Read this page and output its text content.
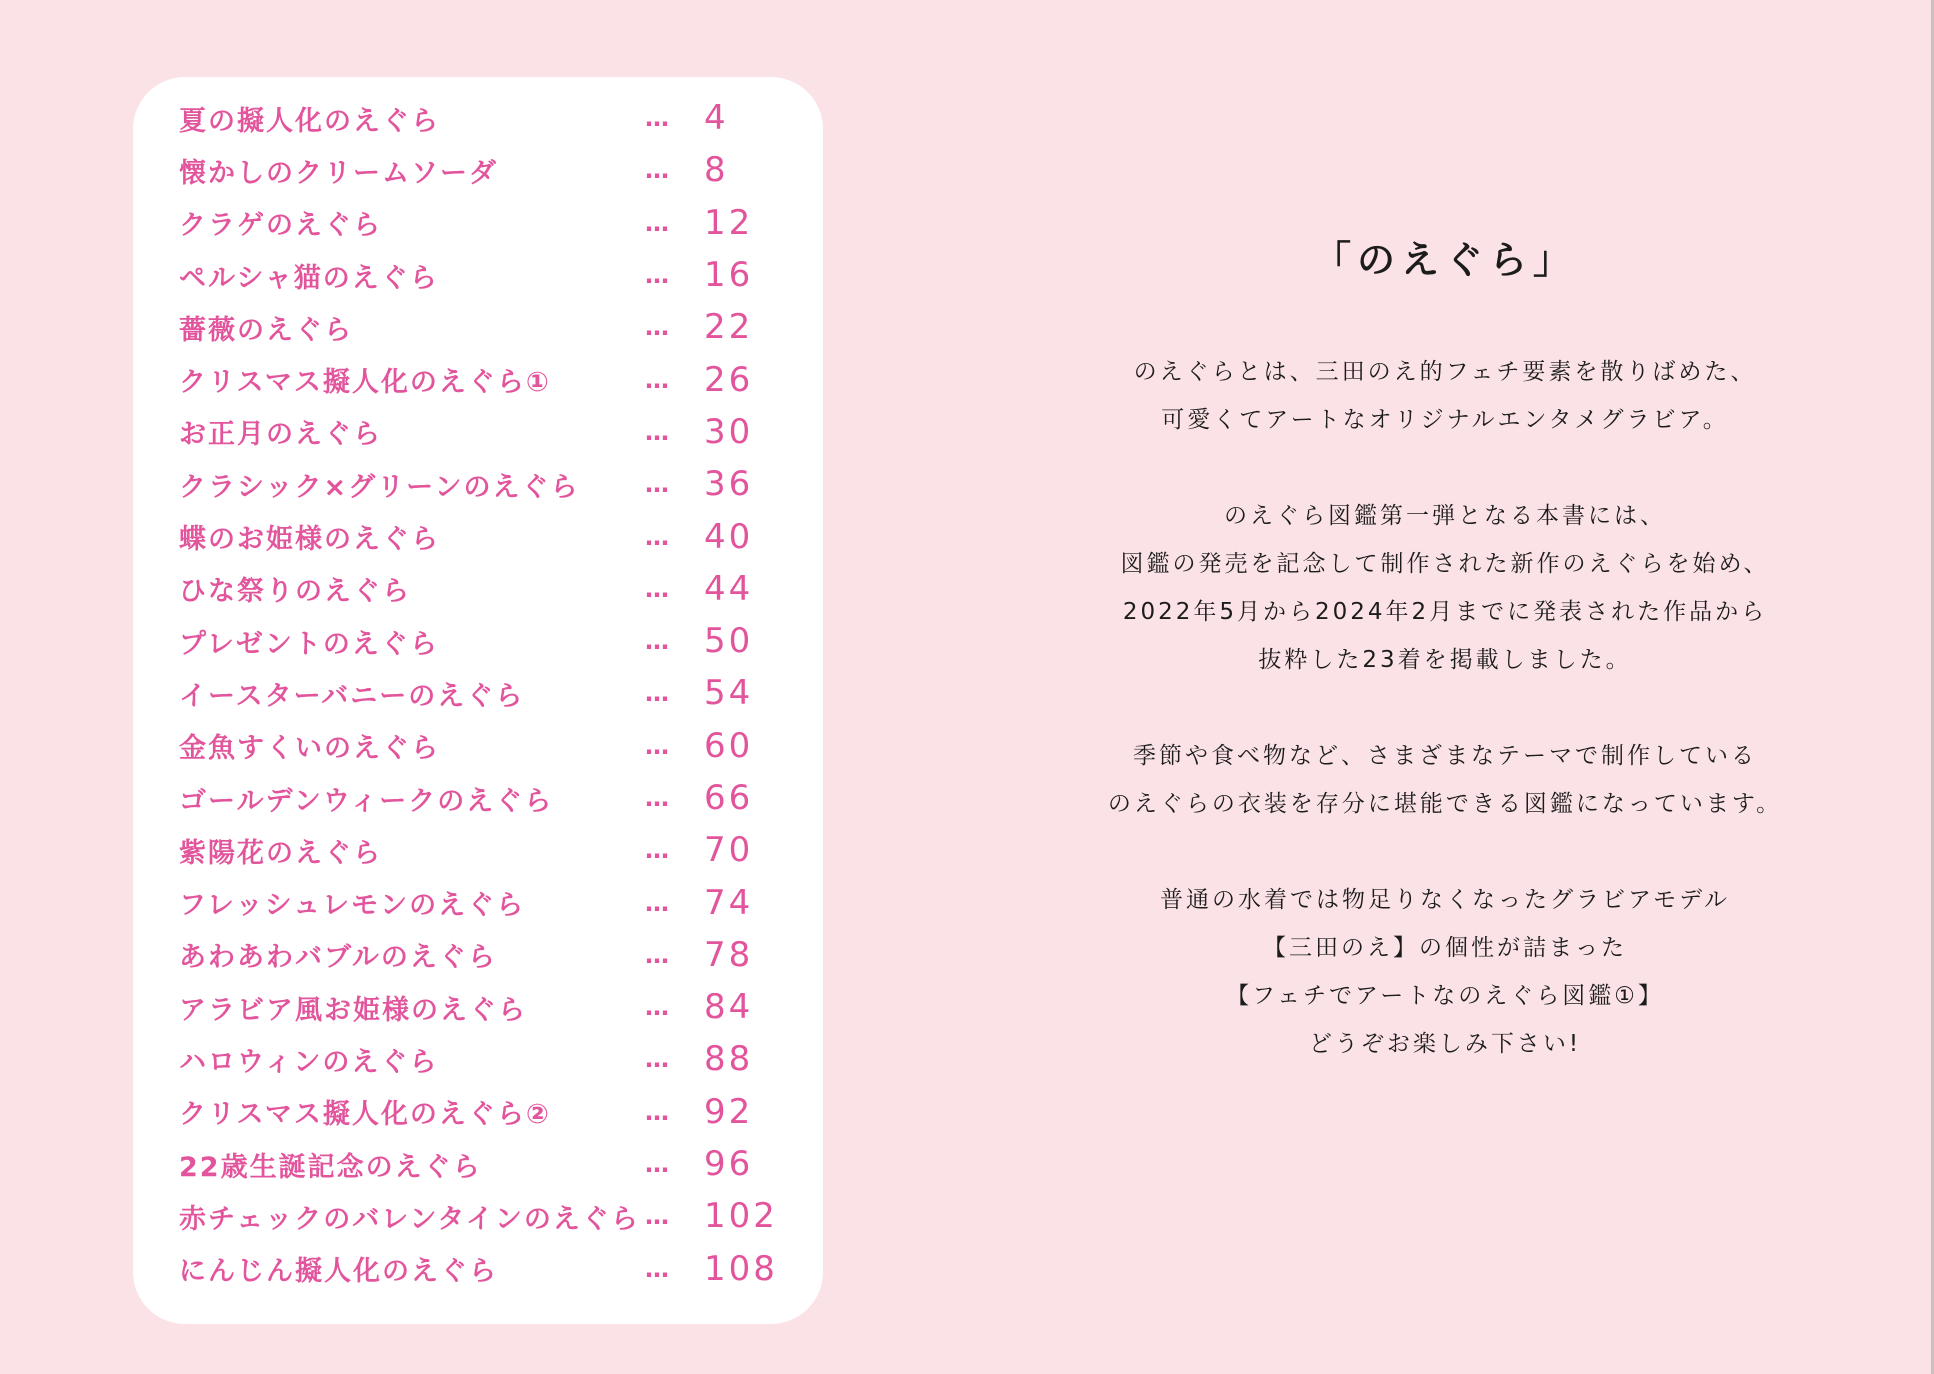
夏の擬人化のえぐら	… 4
懐かしのクリームソーダ	… 8
クラゲのえぐら	… 12
ペルシャ猫のえぐら	… 16
薔薇のえぐら	… 22
クリスマス擬人化のえぐら①	… 26
お正月のえぐら	… 30
クラシック×グリーンのえぐら	… 36
蝶のお姫様のえぐら	… 40
ひな祭りのえぐら	… 44
プレゼントのえぐら	… 50
イースターバニーのえぐら	… 54
金魚すくいのえぐら	… 60
ゴールデンウィークのえぐら	… 66
紫陽花のえぐら	… 70
フレッシュレモンのえぐら	… 74
あわあわバブルのえぐら	… 78
アラビア風お姫様のえぐら	… 84
ハロウィンのえぐら	… 88
クリスマス擬人化のえぐら②	… 92
22歳生誕記念のえぐら	… 96
赤チェックのバレンタインのえぐら … 102
にんじん擬人化のえぐら	… 108
「のえぐら」
のえぐらとは、三田のえ的フェチ要素を散りばめた、
可愛くてアートなオリジナルエンタメグラビア。
のえぐら図鑑第一弾となる本書には、
図鑑の発売を記念して制作された新作のえぐらを始め、
2022年5月から2024年2月までに発表された作品から
抜粋した23着を掲載しました。
季節や食べ物など、さまざまなテーマで制作している
のえぐらの衣装を存分に堪能できる図鑑になっています。
普通の水着では物足りなくなったグラビアモデル
【三田のえ】の個性が詰まった
【フェチでアートなのえぐら図鑑①】
どうぞお楽しみ下さい!
